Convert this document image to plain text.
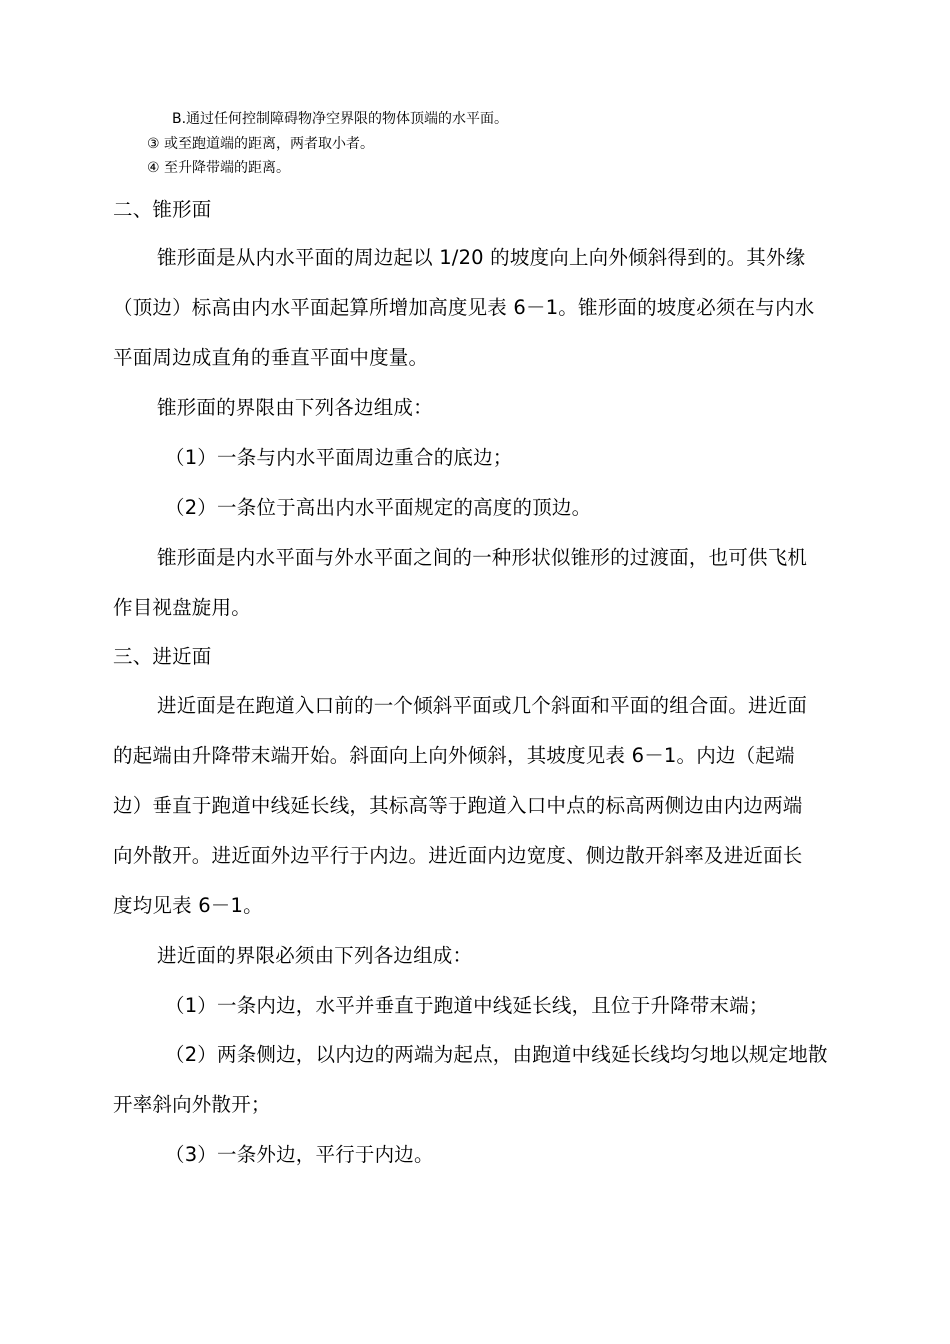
B.通过任何控制障碍物净空界限的物体顶端的水平面。
③ 或至跑道端的距离，两者取小者。
④ 至升降带端的距离。
二、锥形面
锥形面是从内水平面的周边起以 1/20 的坡度向上向外倾斜得到的。其外缘
（顶边）标高由内水平面起算所增加高度见表 6－1。锥形面的坡度必须在与内水
平面周边成直角的垂直平面中度量。
锥形面的界限由下列各边组成：
（1）一条与内水平面周边重合的底边；
（2）一条位于高出内水平面规定的高度的顶边。
锥形面是内水平面与外水平面之间的一种形状似锥形的过渡面，也可供飞机
作目视盘旋用。
三、进近面
进近面是在跑道入口前的一个倾斜平面或几个斜面和平面的组合面。进近面
的起端由升降带末端开始。斜面向上向外倾斜，其坡度见表 6－1。内边（起端
边）垂直于跑道中线延长线，其标高等于跑道入口中点的标高两侧边由内边两端
向外散开。进近面外边平行于内边。进近面内边宽度、侧边散开斜率及进近面长
度均见表 6－1。
进近面的界限必须由下列各边组成：
（1）一条内边，水平并垂直于跑道中线延长线，且位于升降带末端；
（2）两条侧边，以内边的两端为起点，由跑道中线延长线均匀地以规定地散
开率斜向外散开；
（3）一条外边，平行于内边。
